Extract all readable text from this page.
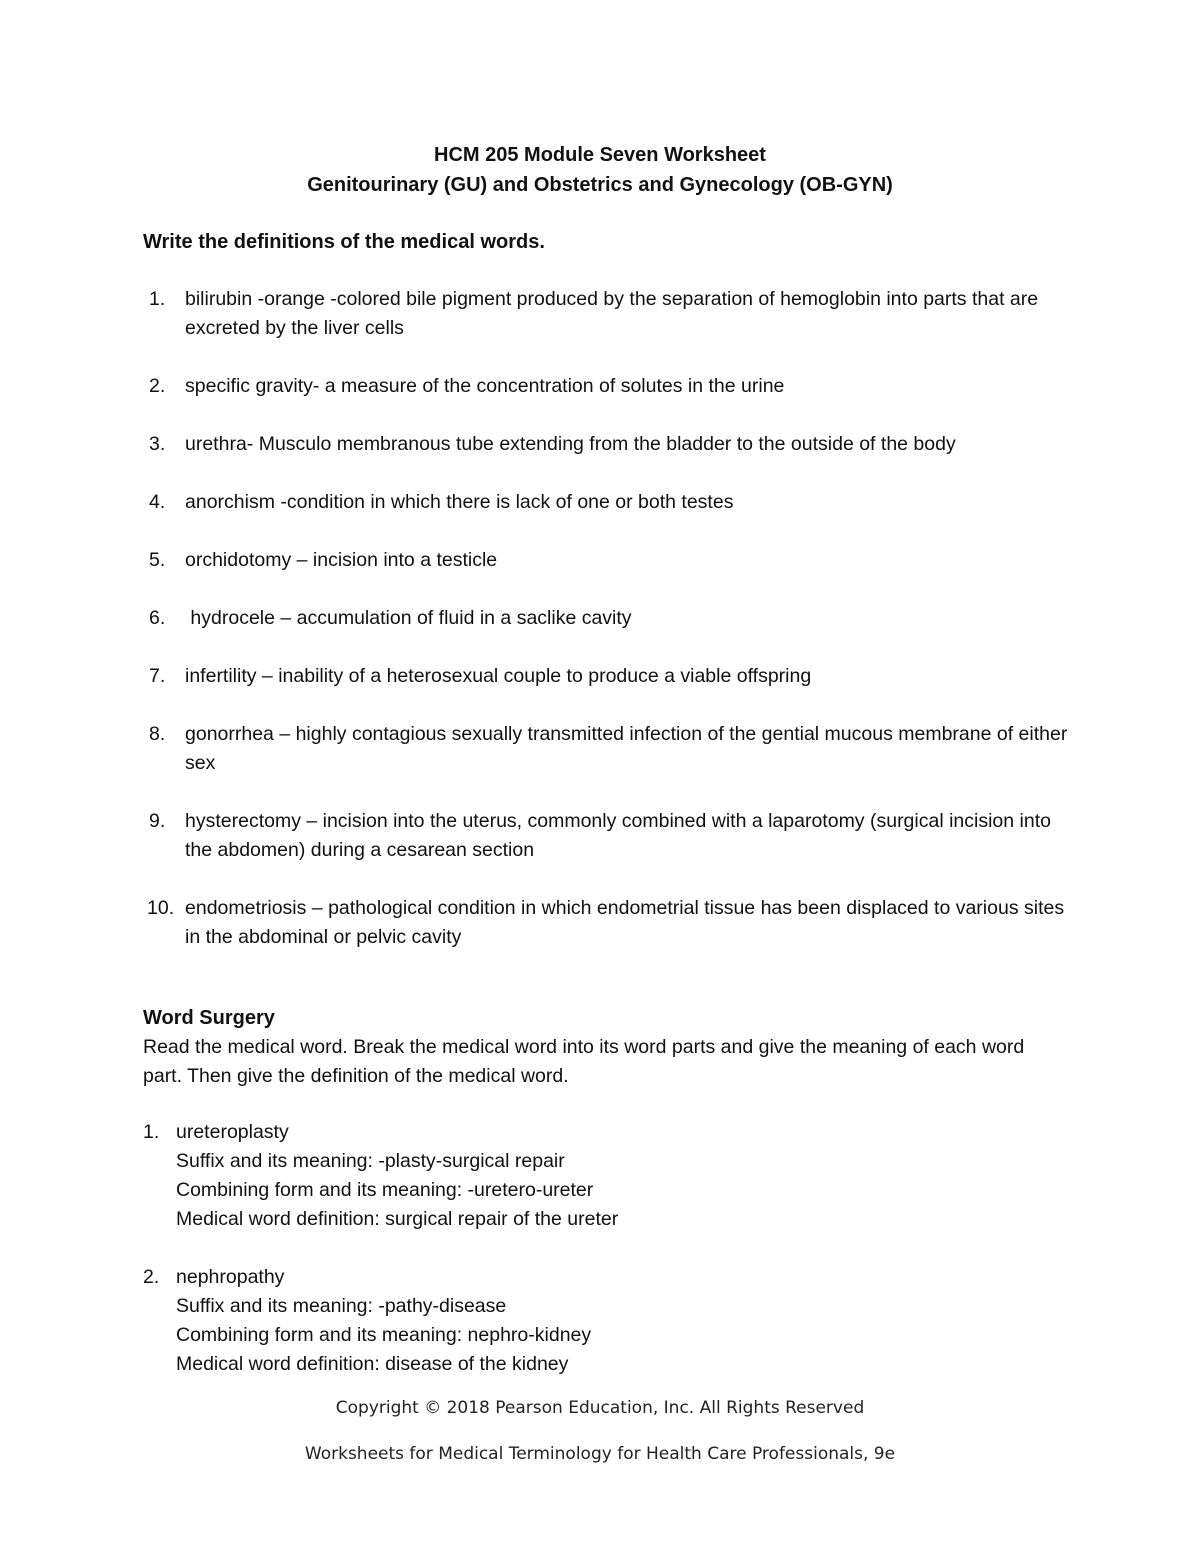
HCM 205 Module Seven Worksheet
Genitourinary (GU) and Obstetrics and Gynecology (OB-GYN)
Write the definitions of the medical words.
1. bilirubin -orange -colored bile pigment produced by the separation of hemoglobin into parts that are excreted by the liver cells
2. specific gravity- a measure of the concentration of solutes in the urine
3. urethra- Musculo membranous tube extending from the bladder to the outside of the body
4. anorchism -condition in which there is lack of one or both testes
5. orchidotomy – incision into a testicle
6. hydrocele – accumulation of fluid in a saclike cavity
7. infertility – inability of a heterosexual couple to produce a viable offspring
8. gonorrhea – highly contagious sexually transmitted infection of the gential mucous membrane of either sex
9. hysterectomy – incision into the uterus, commonly combined with a laparotomy (surgical incision into the abdomen) during a cesarean section
10. endometriosis – pathological condition in which endometrial tissue has been displaced to various sites in the abdominal or pelvic cavity
Word Surgery
Read the medical word. Break the medical word into its word parts and give the meaning of each word part. Then give the definition of the medical word.
1. ureteroplasty
Suffix and its meaning: -plasty-surgical repair
Combining form and its meaning: -uretero-ureter
Medical word definition: surgical repair of the ureter
2. nephropathy
Suffix and its meaning: -pathy-disease
Combining form and its meaning: nephro-kidney
Medical word definition: disease of the kidney
Copyright © 2018 Pearson Education, Inc. All Rights Reserved
Worksheets for Medical Terminology for Health Care Professionals, 9e
